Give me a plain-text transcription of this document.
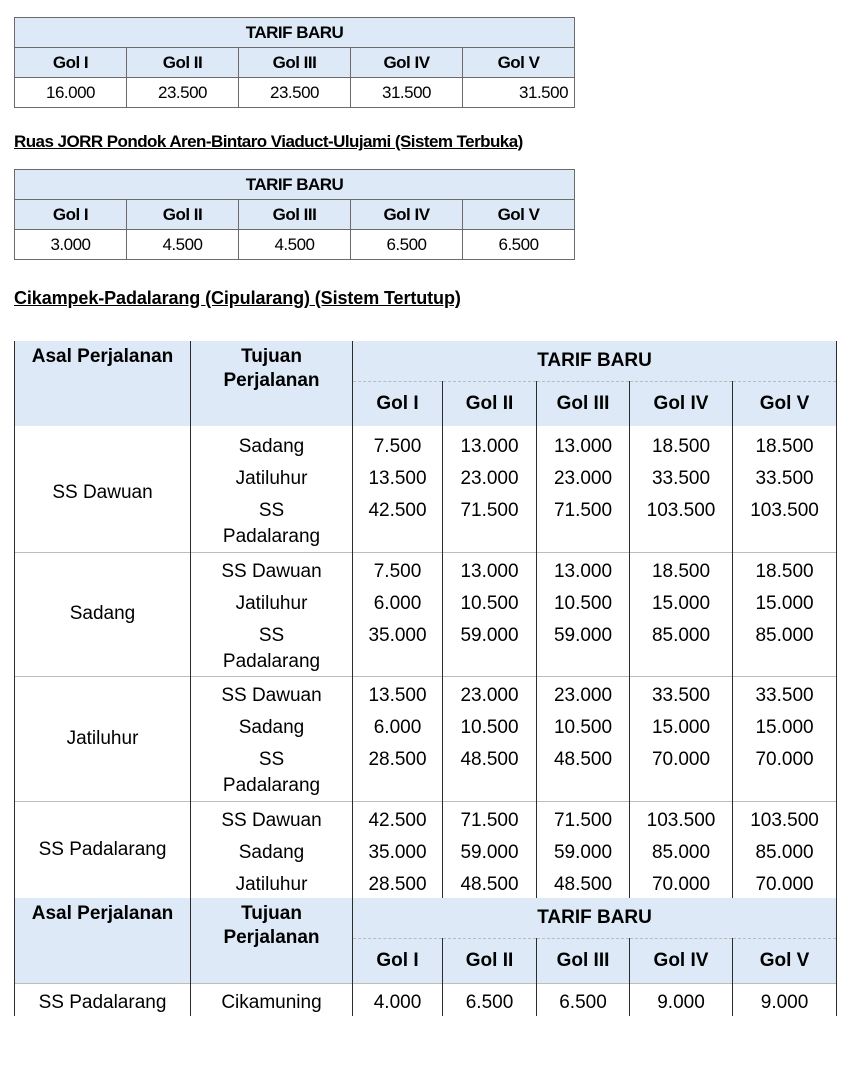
TARIF BARU				
Gol I	Gol II	Gol III	Gol IV	Gol V
16.000	23.500	23.500	31.500	31.500
Ruas JORR Pondok Aren-Bintaro Viaduct-Ulujami (Sistem Terbuka)
TARIF BARU				
Gol I	Gol II	Gol III	Gol IV	Gol V
3.000	4.500	4.500	6.500	6.500
Cikampek-Padalarang (Cipularang) (Sistem Tertutup)
Asal Perjalanan	Tujuan Perjalanan	TARIF BARU				
		Gol I	Gol II	Gol III	Gol IV	Gol V
SS Dawuan	Sadang	7.500	13.000	13.000	18.500	18.500
	Jatiluhur	13.500	23.000	23.000	33.500	33.500
	SS Padalarang	42.500	71.500	71.500	103.500	103.500
Sadang	SS Dawuan	7.500	13.000	13.000	18.500	18.500
	Jatiluhur	6.000	10.500	10.500	15.000	15.000
	SS Padalarang	35.000	59.000	59.000	85.000	85.000
Jatiluhur	SS Dawuan	13.500	23.000	23.000	33.500	33.500
	Sadang	6.000	10.500	10.500	15.000	15.000
	SS Padalarang	28.500	48.500	48.500	70.000	70.000
SS Padalarang	SS Dawuan	42.500	71.500	71.500	103.500	103.500
	Sadang	35.000	59.000	59.000	85.000	85.000
	Jatiluhur	28.500	48.500	48.500	70.000	70.000
Asal Perjalanan	Tujuan Perjalanan	TARIF BARU				
		Gol I	Gol II	Gol III	Gol IV	Gol V
SS Padalarang	Cikamuning	4.000	6.500	6.500	9.000	9.000
